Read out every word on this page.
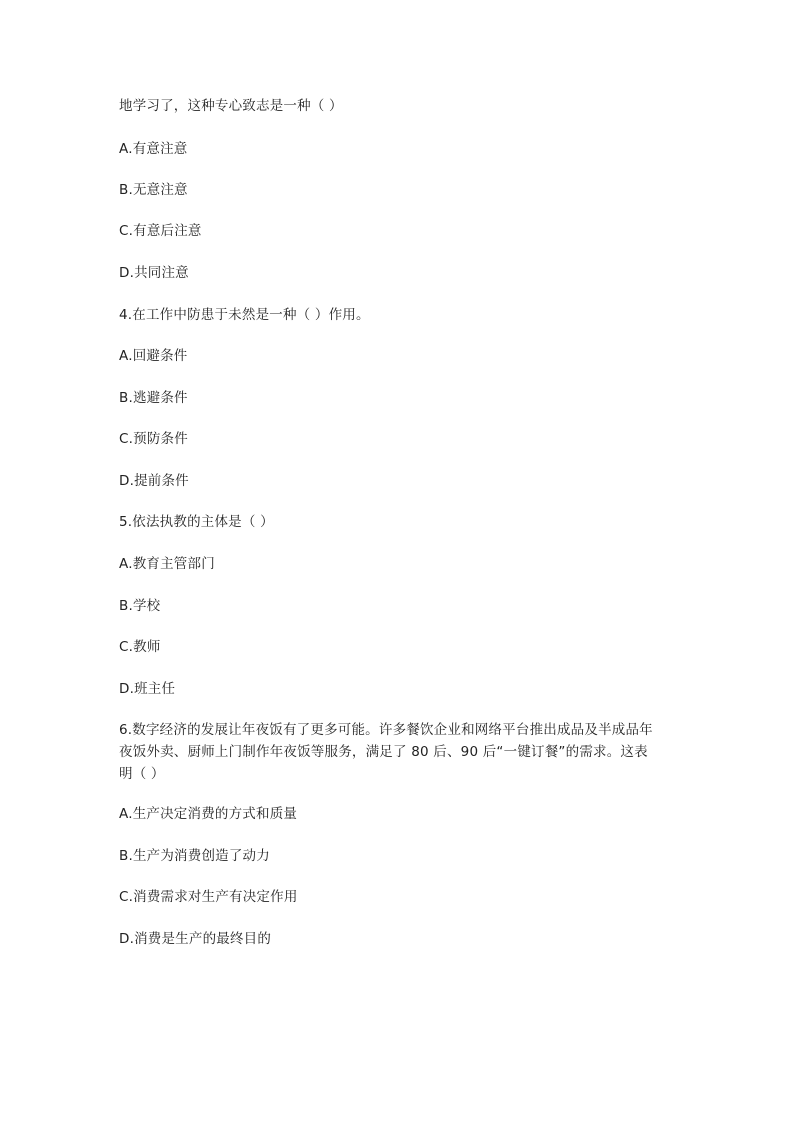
地学习了，这种专心致志是一种（ ）
A.有意注意
B.无意注意
C.有意后注意
D.共同注意
4.在工作中防患于未然是一种（ ）作用。
A.回避条件
B.逃避条件
C.预防条件
D.提前条件
5.依法执教的主体是（ ）
A.教育主管部门
B.学校
C.教师
D.班主任
6.数字经济的发展让年夜饭有了更多可能。许多餐饮企业和网络平台推出成品及半成品年
夜饭外卖、厨师上门制作年夜饭等服务，满足了 80 后、90 后“一键订餐”的需求。这表
明（ ）
A.生产决定消费的方式和质量
B.生产为消费创造了动力
C.消费需求对生产有决定作用
D.消费是生产的最终目的
